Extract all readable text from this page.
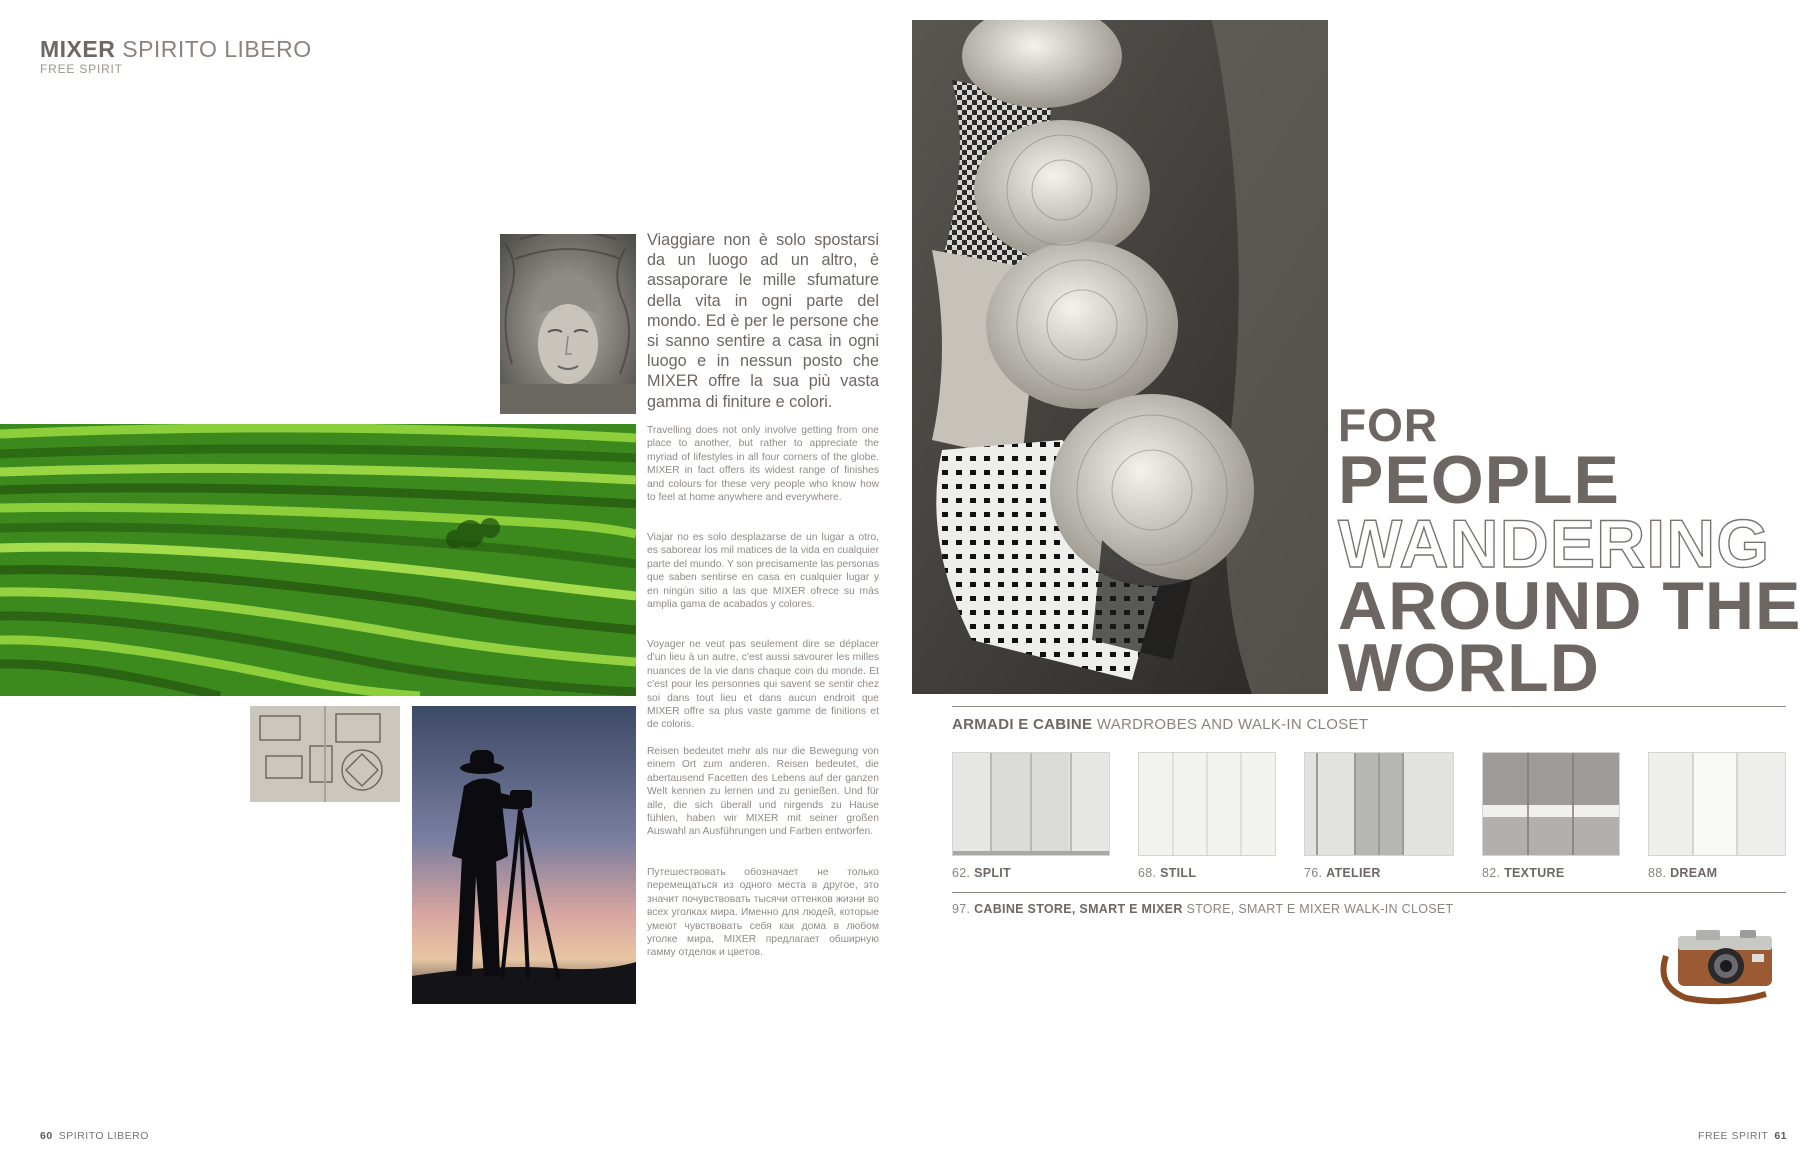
MIXER SPIRITO LIBERO
FREE SPIRIT
Viaggiare non è solo spostarsi da un luogo ad un altro, è assaporare le mille sfumature della vita in ogni parte del mondo. Ed è per le persone che si sanno sentire a casa in ogni luogo e in nessun posto che MIXER offre la sua più vasta gamma di finiture e colori.
Travelling does not only involve getting from one place to another, but rather to appreciate the myriad of lifestyles in all four corners of the globe. MIXER in fact offers its widest range of finishes and colours for these very people who know how to feel at home anywhere and everywhere.
Viajar no es solo desplazarse de un lugar a otro, es saborear los mil matices de la vida en cualquier parte del mundo. Y son precisamente las personas que saben sentirse en casa en cualquier lugar y en ningún sitio a las que MIXER ofrece su más amplia gama de acabados y colores.
Voyager ne veut pas seulement dire se déplacer d'un lieu à un autre, c'est aussi savourer les milles nuances de la vie dans chaque coin du monde. Et c'est pour les personnes qui savent se sentir chez soi dans tout lieu et dans aucun endroit que MIXER offre sa plus vaste gamme de finitions et de coloris.
Reisen bedeutet mehr als nur die Bewegung von einem Ort zum anderen. Reisen bedeutet, die abertausend Facetten des Lebens auf der ganzen Welt kennen zu lernen und zu genießen. Und für alle, die sich überall und nirgends zu Hause fühlen, haben wir MIXER mit seiner großen Auswahl an Ausführungen und Farben entworfen.
Путешествовать обозначает не только перемещаться из одного места в другое, это значит почувствовать тысячи оттенков жизни во всех уголках мира. Именно для людей, которые умеют чувствовать себя как дома в любом уголке мира, MIXER предлагает обширную гамму отделок и цветов.
FOR
PEOPLE
WANDERING
AROUND THE
WORLD
ARMADI E CABINE WARDROBES AND WALK-IN CLOSET
62. SPLIT	68. STILL	76. ATELIER	82. TEXTURE	88. DREAM
97. CABINE STORE, SMART E MIXER STORE, SMART E MIXER WALK-IN CLOSET
60 SPIRITO LIBERO	FREE SPIRIT 61
